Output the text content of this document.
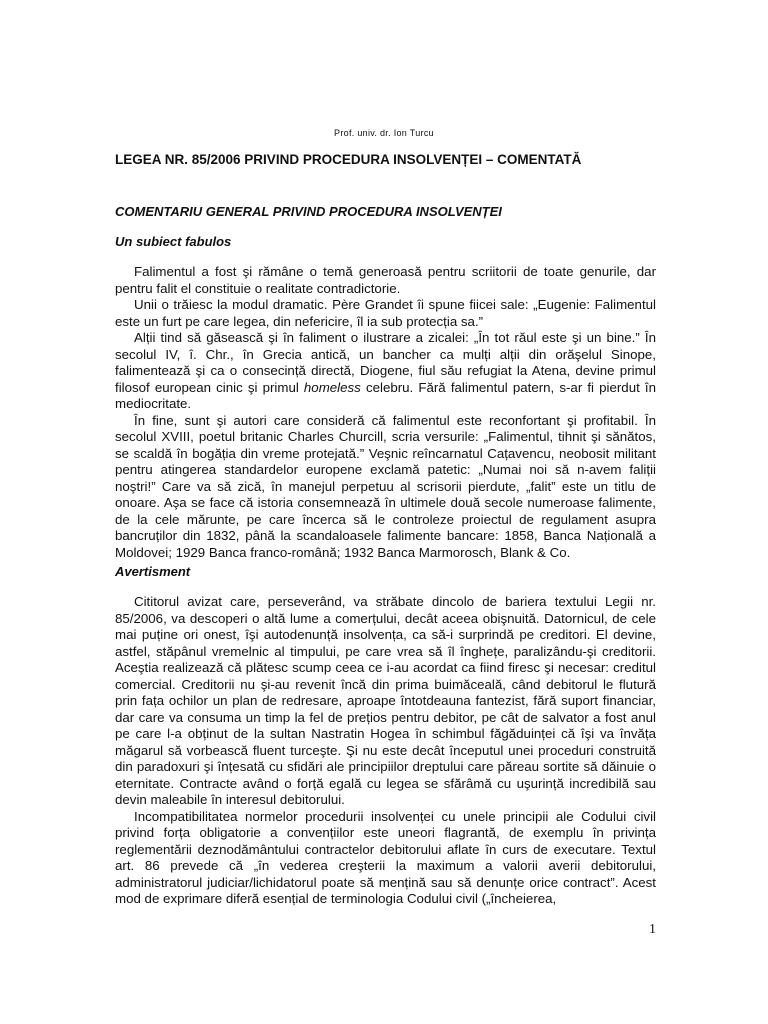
Prof. univ. dr. Ion Turcu
LEGEA NR. 85/2006 PRIVIND PROCEDURA INSOLVENȚEI – COMENTATĂ
COMENTARIU GENERAL PRIVIND PROCEDURA INSOLVENȚEI
Un subiect fabulos

Falimentul a fost şi rămâne o temă generoasă pentru scriitorii de toate genurile, dar pentru falit el constituie o realitate contradictorie.

Unii o trăiesc la modul dramatic. Père Grandet îi spune fiicei sale: „Eugenie: Falimentul este un furt pe care legea, din nefericire, îl ia sub protecția sa.”

Alții tind să găsească şi în faliment o ilustrare a zicalei: „În tot răul este şi un bine.” În secolul IV, î. Chr., în Grecia antică, un bancher ca mulți alții din orăşelul Sinope, falimentează şi ca o consecință directă, Diogene, fiul său refugiat la Atena, devine primul filosof european cinic şi primul homeless celebru. Fără falimentul patern, s-ar fi pierdut în mediocritate.

În fine, sunt şi autori care consideră că falimentul este reconfortant şi profitabil. În secolul XVIII, poetul britanic Charles Churcill, scria versurile: „Falimentul, tihnit şi sănătos, se scaldă în bogăția din vreme protejată.” Veşnic reîncarnatul Cațavencu, neobosit militant pentru atingerea standardelor europene exclamă patetic: „Numai noi să n-avem faliții noştri!” Care va să zică, în manejul perpetuu al scrisorii pierdute, „falit” este un titlu de onoare. Aşa se face că istoria consemnează în ultimele două secole numeroase falimente, de la cele mărunte, pe care încerca să le controleze proiectul de regulament asupra bancruților din 1832, până la scandaloasele falimente bancare: 1858, Banca Națională a Moldovei; 1929 Banca franco-română; 1932 Banca Marmorosch, Blank & Co.

Avertisment

Cititorul avizat care, perseverând, va străbate dincolo de bariera textului Legii nr. 85/2006, va descoperi o altă lume a comerțului, decât aceea obişnuită. Datornicul, de cele mai puține ori onest, îşi autodenunță insolvența, ca să-i surprindă pe creditori. El devine, astfel, stăpânul vremelnic al timpului, pe care vrea să îl înghețe, paralizându-şi creditorii. Aceştia realizează că plătesc scump ceea ce i-au acordat ca fiind firesc şi necesar: creditul comercial. Creditorii nu şi-au revenit încă din prima buimăceală, când debitorul le flutură prin fața ochilor un plan de redresare, aproape întotdeauna fantezist, fără suport financiar, dar care va consuma un timp la fel de prețios pentru debitor, pe cât de salvator a fost anul pe care l-a obținut de la sultan Nastratin Hogea în schimbul făgăduinței că îşi va învăța măgarul să vorbească fluent turceşte. Şi nu este decât începutul unei proceduri construită din paradoxuri şi înțesată cu sfidări ale principiilor dreptului care păreau sortite să dăinuie o eternitate. Contracte având o forță egală cu legea se sfărâmă cu uşurință incredibilă sau devin maleabile în interesul debitorului.

Incompatibilitatea normelor procedurii insolvenței cu unele principii ale Codului civil privind forța obligatorie a convențiilor este uneori flagrantă, de exemplu în privința reglementării deznodământului contractelor debitorului aflate în curs de executare. Textul art. 86 prevede că „în vederea creşterii la maximum a valorii averii debitorului, administratorul judiciar/lichidatorul poate să mențină sau să denunțe orice contract”. Acest mod de exprimare diferă esențial de terminologia Codului civil („încheierea,

1
